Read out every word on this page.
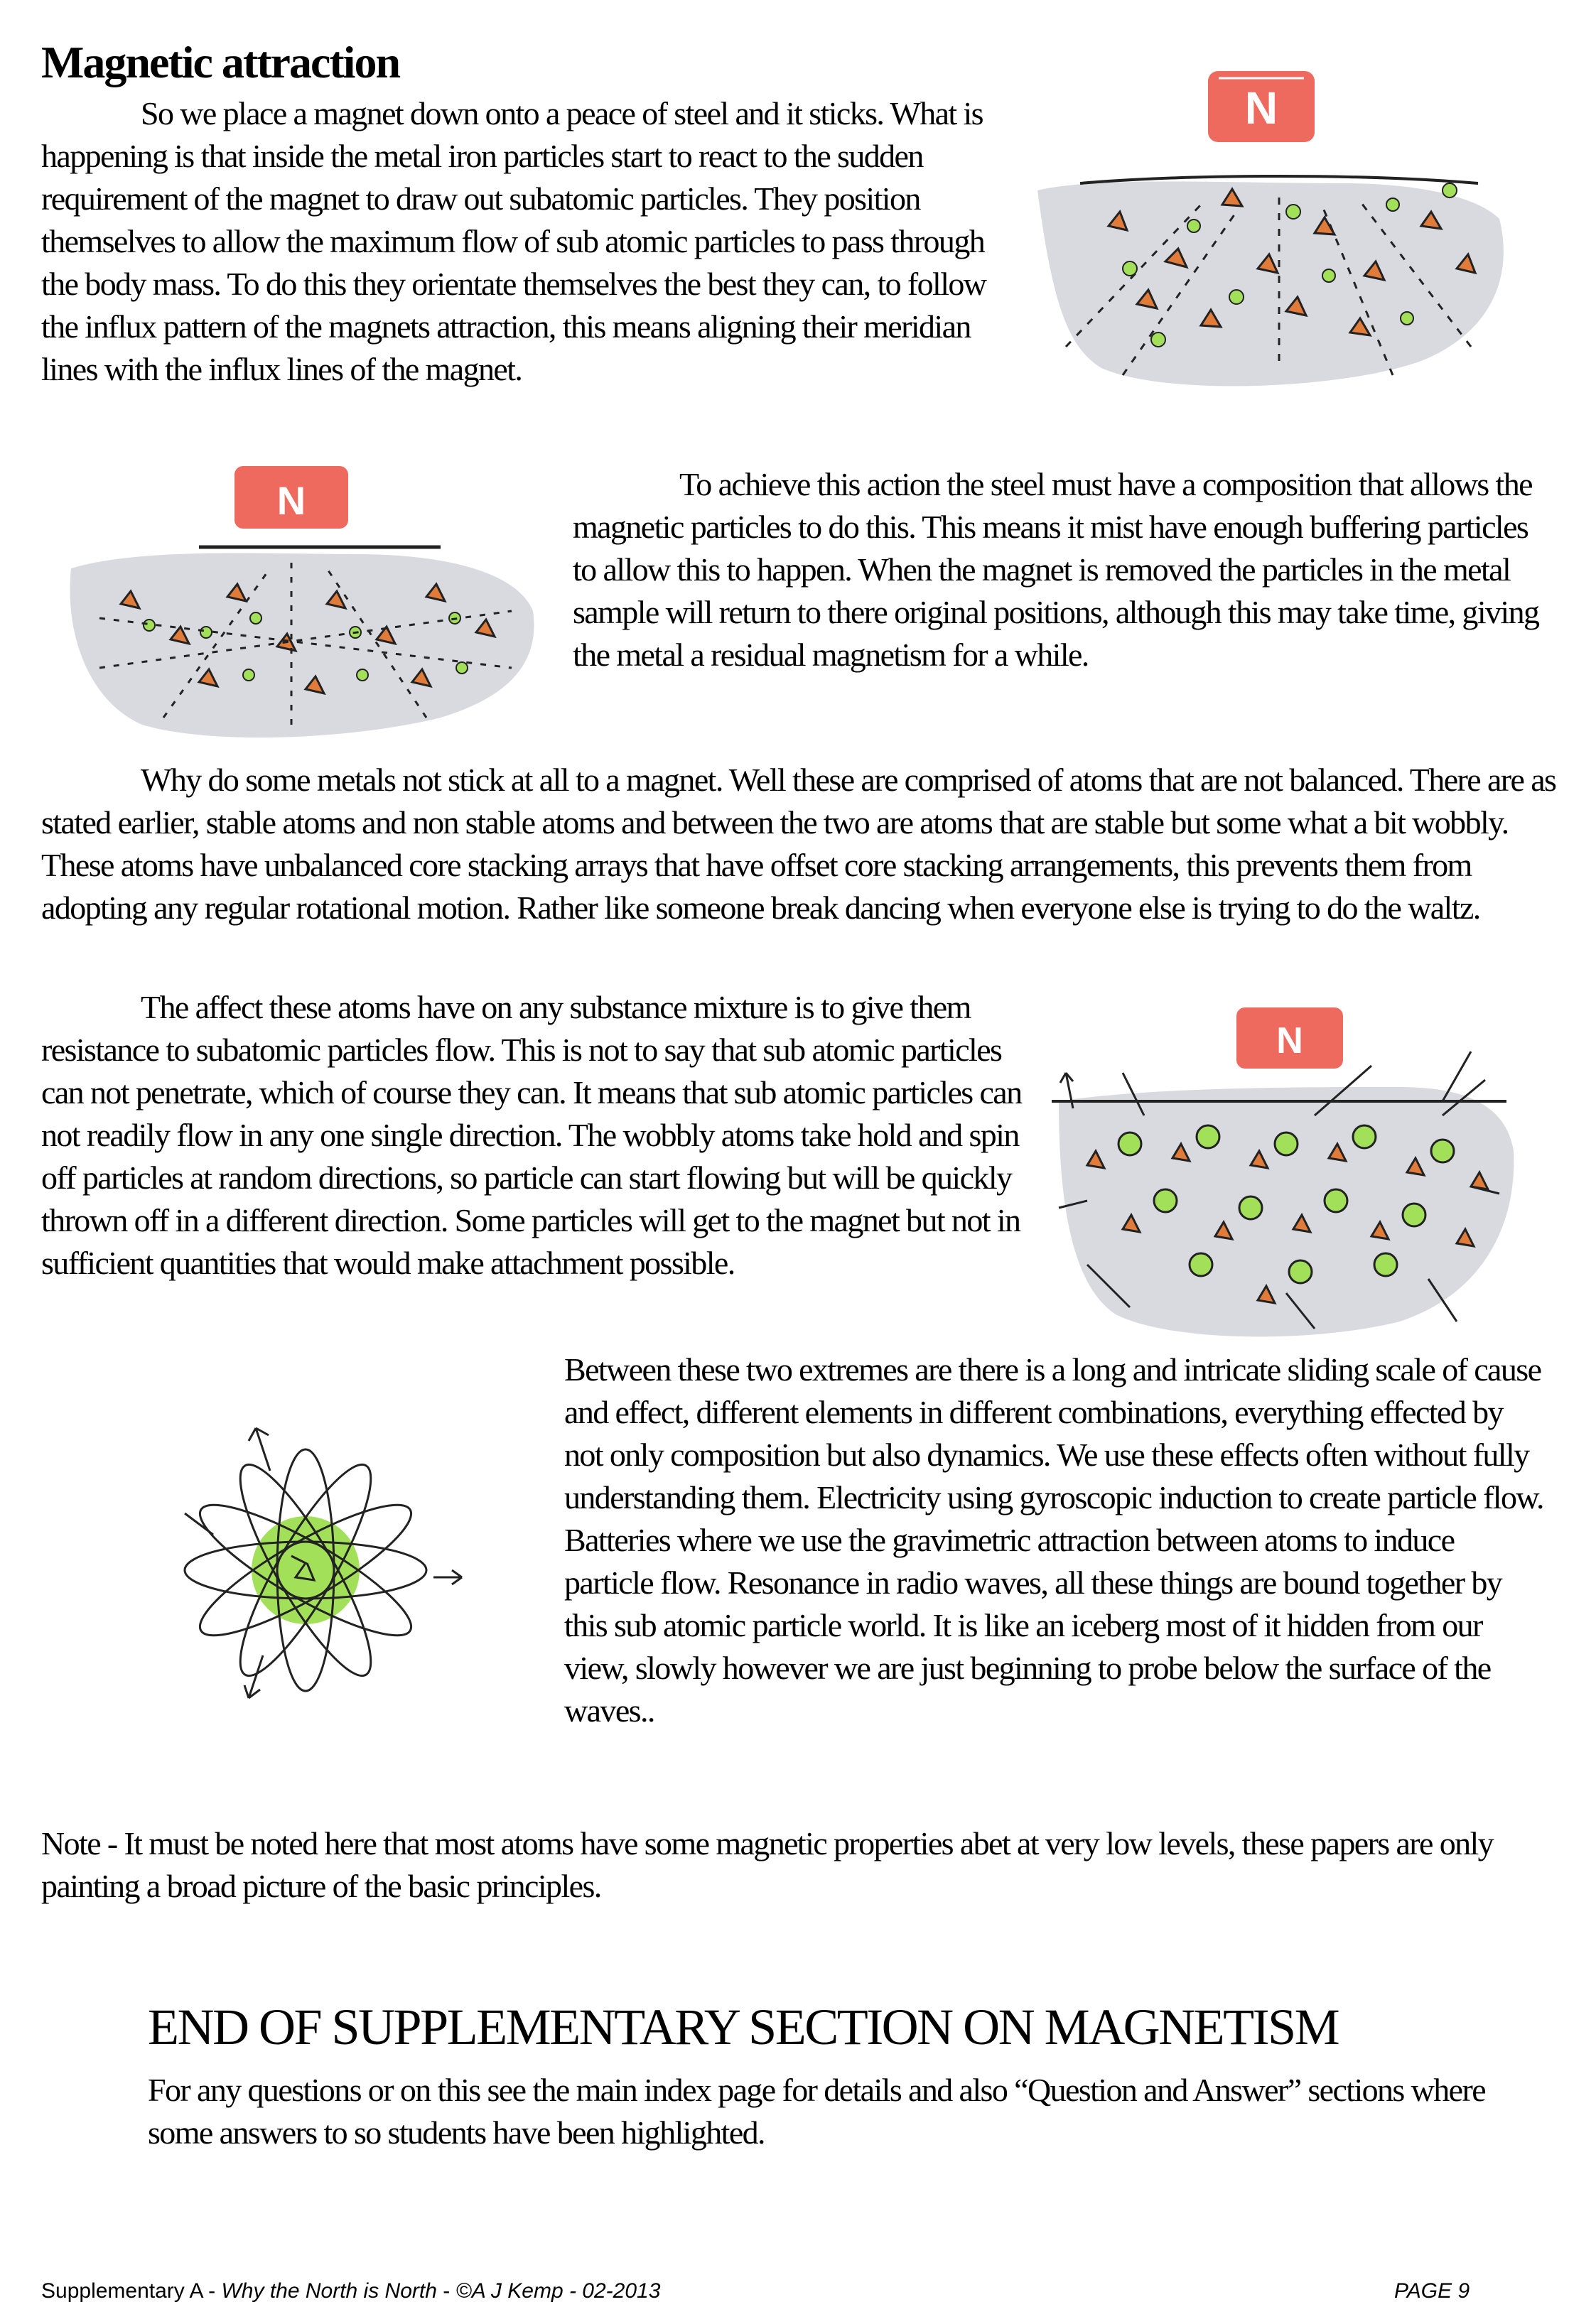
Magnetic attraction

So we place a magnet down onto a peace of steel and it sticks. What is happening is that inside the metal iron particles start to react to the sudden requirement of the magnet to draw out subatomic particles. They position themselves to allow the maximum flow of sub atomic particles to pass through the body mass. To do this they orientate themselves the best they can, to follow the influx pattern of the magnets attraction, this means aligning their meridian lines with the influx lines of the magnet.

N
N	To achieve this action the steel must have a composition that allows the magnetic particles to do this. This means it mist have enough buffering particles to allow this to happen. When the magnet is removed the particles in the metal sample will return to there original positions, although this may take time, giving the metal a residual magnetism for a while.

Why do some metals not stick at all to a magnet. Well these are comprised of atoms that are not balanced. There are as stated earlier, stable atoms and non stable atoms and between the two are atoms that are stable but some what a bit wobbly. These atoms have unbalanced core stacking arrays that have offset core stacking arrangements, this prevents them from adopting any regular rotational motion. Rather like someone break dancing when everyone else is trying to do the waltz.

The affect these atoms have on any substance mixture is to give them resistance to subatomic particles flow. This is not to say that sub atomic particles can not penetrate, which of course they can. It means that sub atomic particles can not readily flow in any one single direction. The wobbly atoms take hold and spin off particles at random directions, so particle can start flowing but will be quickly thrown off in a different direction. Some particles will get to the magnet but not in sufficient quantities that would make attachment possible.

N

Between these two extremes are there is a long and intricate sliding scale of cause and effect, different elements in different combinations, everything effected by not only composition but also dynamics. We use these effects often without fully understanding them. Electricity using gyroscopic induction to create particle flow. Batteries where we use the gravimetric attraction between atoms to induce particle flow. Resonance in radio waves, all these things are bound together by this sub atomic particle world. It is like an iceberg most of it hidden from our view, slowly however we are just beginning to probe below the surface of the waves..

Note - It must be noted here that most atoms have some magnetic properties abet at very low levels, these papers are only painting a broad picture of the basic principles.

END OF SUPPLEMENTARY SECTION ON MAGNETISM

For any questions or on this see the main index page for details and also “Question and Answer” sections where some answers to so students have been highlighted.

Supplementary A - Why the North is North - ©A J Kemp - 02-2013	PAGE 9
